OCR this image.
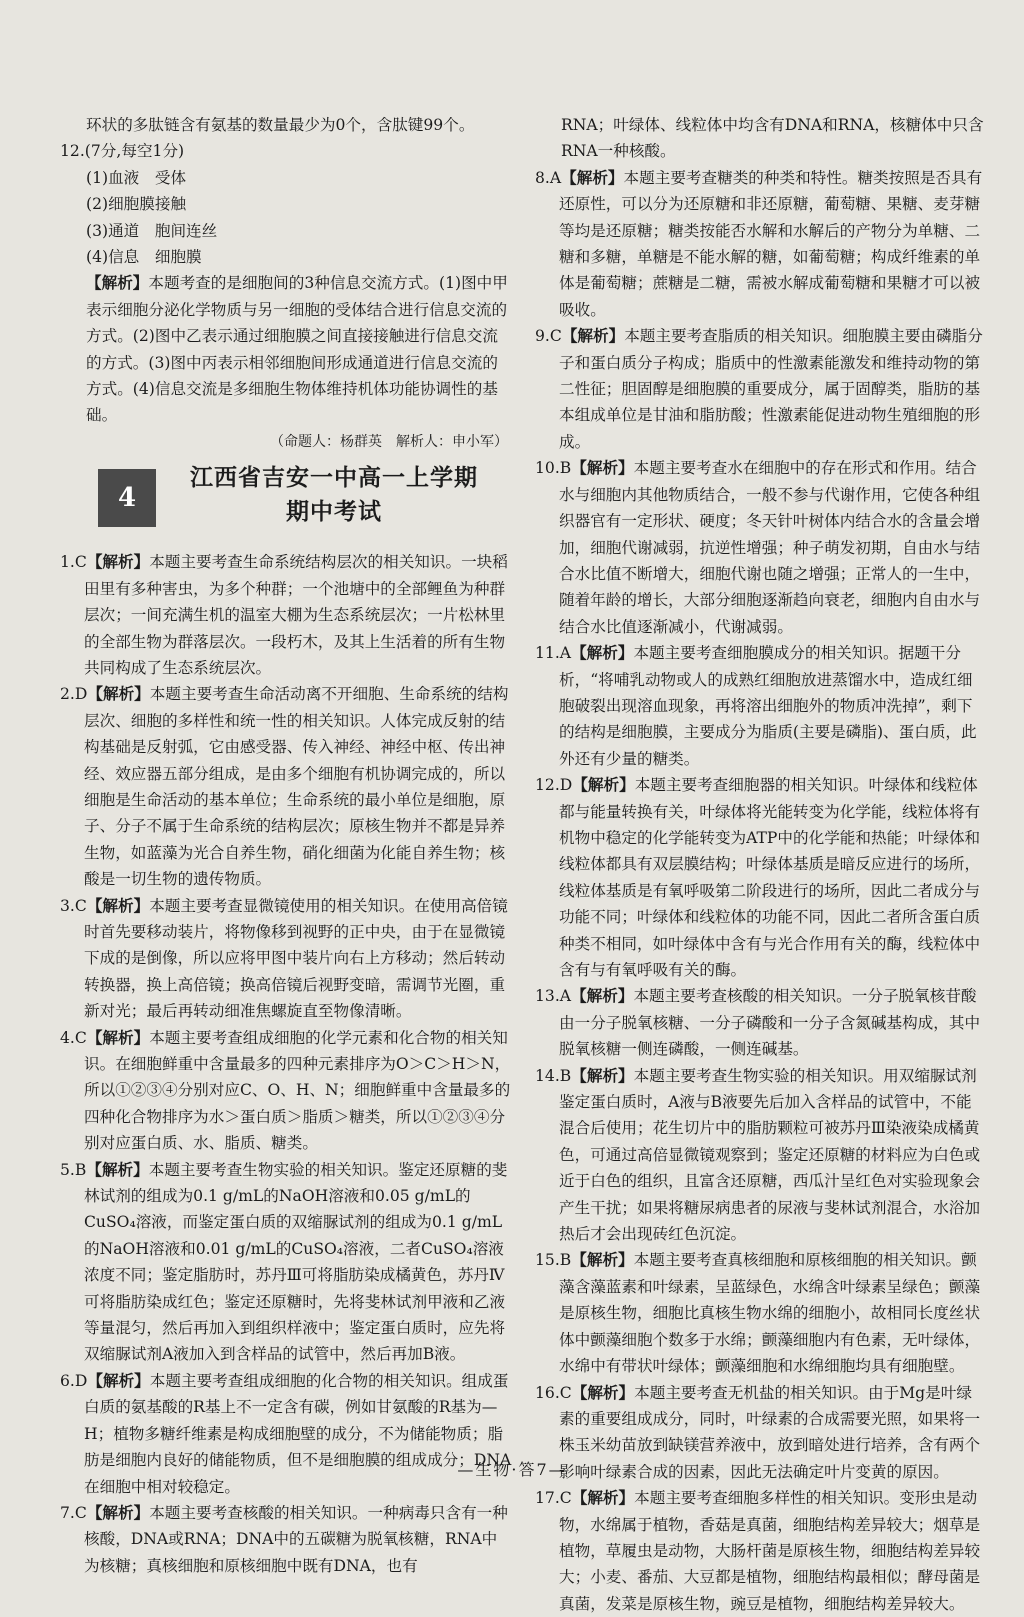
环状的多肽链含有氨基的数量最少为0个，含肽键99个。

12.(7分,每空1分)

(1)血液　受体

(2)细胞膜接触

(3)通道　胞间连丝

(4)信息　细胞膜

【解析】本题考查的是细胞间的3种信息交流方式。(1)图中甲表示细胞分泌化学物质与另一细胞的受体结合进行信息交流的方式。(2)图中乙表示通过细胞膜之间直接接触进行信息交流的方式。(3)图中丙表示相邻细胞间形成通道进行信息交流的方式。(4)信息交流是多细胞生物体维持机体功能协调性的基础。

（命题人：杨群英　解析人：申小军）

4
江西省吉安一中高一上学期
期中考试

1.C【解析】本题主要考查生命系统结构层次的相关知识。一块稻田里有多种害虫，为多个种群；一个池塘中的全部鲤鱼为种群层次；一间充满生机的温室大棚为生态系统层次；一片松林里的全部生物为群落层次。一段朽木，及其上生活着的所有生物共同构成了生态系统层次。

2.D【解析】本题主要考查生命活动离不开细胞、生命系统的结构层次、细胞的多样性和统一性的相关知识。人体完成反射的结构基础是反射弧，它由感受器、传入神经、神经中枢、传出神经、效应器五部分组成，是由多个细胞有机协调完成的，所以细胞是生命活动的基本单位；生命系统的最小单位是细胞，原子、分子不属于生命系统的结构层次；原核生物并不都是异养生物，如蓝藻为光合自养生物，硝化细菌为化能自养生物；核酸是一切生物的遗传物质。

3.C【解析】本题主要考查显微镜使用的相关知识。在使用高倍镜时首先要移动装片，将物像移到视野的正中央，由于在显微镜下成的是倒像，所以应将甲图中装片向右上方移动；然后转动转换器，换上高倍镜；换高倍镜后视野变暗，需调节光圈，重新对光；最后再转动细准焦螺旋直至物像清晰。

4.C【解析】本题主要考查组成细胞的化学元素和化合物的相关知识。在细胞鲜重中含量最多的四种元素排序为O＞C＞H＞N，所以①②③④分别对应C、O、H、N；细胞鲜重中含量最多的四种化合物排序为水＞蛋白质＞脂质＞糖类，所以①②③④分别对应蛋白质、水、脂质、糖类。

5.B【解析】本题主要考查生物实验的相关知识。鉴定还原糖的斐林试剂的组成为0.1 g/mL的NaOH溶液和0.05 g/mL的CuSO₄溶液，而鉴定蛋白质的双缩脲试剂的组成为0.1 g/mL的NaOH溶液和0.01 g/mL的CuSO₄溶液，二者CuSO₄溶液浓度不同；鉴定脂肪时，苏丹Ⅲ可将脂肪染成橘黄色，苏丹Ⅳ可将脂肪染成红色；鉴定还原糖时，先将斐林试剂甲液和乙液等量混匀，然后再加入到组织样液中；鉴定蛋白质时，应先将双缩脲试剂A液加入到含样品的试管中，然后再加B液。

6.D【解析】本题主要考查组成细胞的化合物的相关知识。组成蛋白质的氨基酸的R基上不一定含有碳，例如甘氨酸的R基为—H；植物多糖纤维素是构成细胞壁的成分，不为储能物质；脂肪是细胞内良好的储能物质，但不是细胞膜的组成成分；DNA在细胞中相对较稳定。

7.C【解析】本题主要考查核酸的相关知识。一种病毒只含有一种核酸，DNA或RNA；DNA中的五碳糖为脱氧核糖，RNA中为核糖；真核细胞和原核细胞中既有DNA，也有

RNA；叶绿体、线粒体中均含有DNA和RNA，核糖体中只含RNA一种核酸。

8.A【解析】本题主要考查糖类的种类和特性。糖类按照是否具有还原性，可以分为还原糖和非还原糖，葡萄糖、果糖、麦芽糖等均是还原糖；糖类按能否水解和水解后的产物分为单糖、二糖和多糖，单糖是不能水解的糖，如葡萄糖；构成纤维素的单体是葡萄糖；蔗糖是二糖，需被水解成葡萄糖和果糖才可以被吸收。

9.C【解析】本题主要考查脂质的相关知识。细胞膜主要由磷脂分子和蛋白质分子构成；脂质中的性激素能激发和维持动物的第二性征；胆固醇是细胞膜的重要成分，属于固醇类，脂肪的基本组成单位是甘油和脂肪酸；性激素能促进动物生殖细胞的形成。

10.B【解析】本题主要考查水在细胞中的存在形式和作用。结合水与细胞内其他物质结合，一般不参与代谢作用，它使各种组织器官有一定形状、硬度；冬天针叶树体内结合水的含量会增加，细胞代谢减弱，抗逆性增强；种子萌发初期，自由水与结合水比值不断增大，细胞代谢也随之增强；正常人的一生中，随着年龄的增长，大部分细胞逐渐趋向衰老，细胞内自由水与结合水比值逐渐减小，代谢减弱。

11.A【解析】本题主要考查细胞膜成分的相关知识。据题干分析，“将哺乳动物或人的成熟红细胞放进蒸馏水中，造成红细胞破裂出现溶血现象，再将溶出细胞外的物质冲洗掉”，剩下的结构是细胞膜，主要成分为脂质(主要是磷脂)、蛋白质，此外还有少量的糖类。

12.D【解析】本题主要考查细胞器的相关知识。叶绿体和线粒体都与能量转换有关，叶绿体将光能转变为化学能，线粒体将有机物中稳定的化学能转变为ATP中的化学能和热能；叶绿体和线粒体都具有双层膜结构；叶绿体基质是暗反应进行的场所，线粒体基质是有氧呼吸第二阶段进行的场所，因此二者成分与功能不同；叶绿体和线粒体的功能不同，因此二者所含蛋白质种类不相同，如叶绿体中含有与光合作用有关的酶，线粒体中含有与有氧呼吸有关的酶。

13.A【解析】本题主要考查核酸的相关知识。一分子脱氧核苷酸由一分子脱氧核糖、一分子磷酸和一分子含氮碱基构成，其中脱氧核糖一侧连磷酸，一侧连碱基。

14.B【解析】本题主要考查生物实验的相关知识。用双缩脲试剂鉴定蛋白质时，A液与B液要先后加入含样品的试管中，不能混合后使用；花生切片中的脂肪颗粒可被苏丹Ⅲ染液染成橘黄色，可通过高倍显微镜观察到；鉴定还原糖的材料应为白色或近于白色的组织，且富含还原糖，西瓜汁呈红色对实验现象会产生干扰；如果将糖尿病患者的尿液与斐林试剂混合，水浴加热后才会出现砖红色沉淀。

15.B【解析】本题主要考查真核细胞和原核细胞的相关知识。颤藻含藻蓝素和叶绿素，呈蓝绿色，水绵含叶绿素呈绿色；颤藻是原核生物，细胞比真核生物水绵的细胞小，故相同长度丝状体中颤藻细胞个数多于水绵；颤藻细胞内有色素，无叶绿体，水绵中有带状叶绿体；颤藻细胞和水绵细胞均具有细胞壁。

16.C【解析】本题主要考查无机盐的相关知识。由于Mg是叶绿素的重要组成成分，同时，叶绿素的合成需要光照，如果将一株玉米幼苗放到缺镁营养液中，放到暗处进行培养，含有两个影响叶绿素合成的因素，因此无法确定叶片变黄的原因。

17.C【解析】本题主要考查细胞多样性的相关知识。变形虫是动物，水绵属于植物，香菇是真菌，细胞结构差异较大；烟草是植物，草履虫是动物，大肠杆菌是原核生物，细胞结构差异较大；小麦、番茄、大豆都是植物，细胞结构最相似；酵母菌是真菌，发菜是原核生物，豌豆是植物，细胞结构差异较大。

—生物·答7—
